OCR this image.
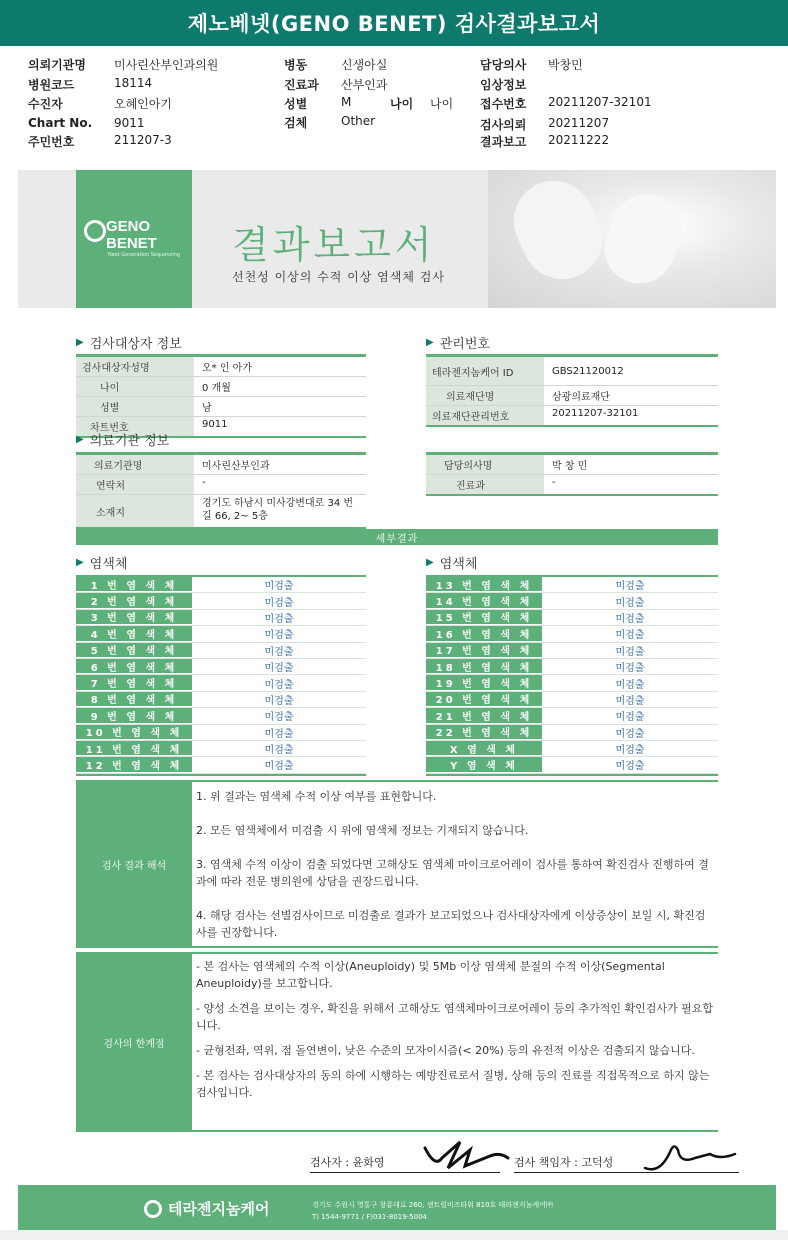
제노베넷(GENO BENET) 검사결과보고서
의뢰기관명 미사린산부인과의원
병원코드	18114
수진자	오혜인아기
Chart No. 9011
주민번호	211207-3
병동	신생아실
진료과 산부인과
성별	M	나이 나이
검체	Other
담당의사 박창민
임상정보
접수번호 20211207-32101
검사의뢰 20211207
결과보고 20211222
GENO
BENET
Next Generation Sequencing 결과보고서
선천성 이상의 수적 이상 염색체 검사
▶ 검사대상자 정보
검사대상자성명	오* 인 아가
나이	0 개월
성별	남
차트번호	9011
▶ 관리번호
테라젠지놈케어 ID	GBS21120012
의료재단명	삼광의료재단
의료재단관리번호	20211207-32101
▶ 의료기관 정보
의료기관명	미사린산부인과
연락처	-
소재지
경기도 하남시 미사강변대로 34 번길 66, 2~ 5층
담당의사명	박 창 민
진료과	-
세부결과
▶ 염색체	▶ 염색체
1 번 염 색 체	미검출
2 번 염 색 체	미검출
3 번 염 색 체	미검출
4 번 염 색 체	미검출
5 번 염 색 체	미검출
6 번 염 색 체	미검출
7 번 염 색 체	미검출
8 번 염 색 체	미검출
9 번 염 색 체	미검출
10 번 염 색 체	미검출
11 번 염 색 체	미검출
12 번 염 색 체	미검출
13 번 염 색 체	미검출
14 번 염 색 체	미검출
15 번 염 색 체	미검출
16 번 염 색 체	미검출
17 번 염 색 체	미검출
18 번 염 색 체	미검출
19 번 염 색 체	미검출
20 번 염 색 체	미검출
21 번 염 색 체	미검출
22 번 염 색 체	미검출
X 염 색 체	미검출
Y 염 색 체	미검출
검사 결과 해석

1. 위 결과는 염색체 수적 이상 여부를 표현합니다.

2. 모든 염색체에서 미검출 시 위에 염색체 정보는 기재되지 않습니다.

3. 염색체 수적 이상이 검출 되었다면 고해상도 염색체 마이크로어레이 검사를 통하여 확진검사 진행하여 결과에 따라 전문 병의원에 상담을 권장드립니다.

4. 해당 검사는 선별검사이므로 미검출로 결과가 보고되었으나 검사대상자에게 이상증상이 보일 시, 확진검사를 권장합니다.

검사의 한계점

- 본 검사는 염색체의 수적 이상(Aneuploidy) 및 5Mb 이상 염색체 분절의 수적 이상(Segmental Aneuploidy)를 보고합니다.

- 양성 소견을 보이는 경우, 확진을 위해서 고해상도 염색체마이크로어레이 등의 추가적인 확인검사가 필요합니다.

- 균형전좌, 역위, 점 돌연변이, 낮은 수준의 모자이시즘(< 20%) 등의 유전적 이상은 검출되지 않습니다.

- 본 검사는 검사대상자의 동의 하에 시행하는 예방진료로서 질병, 상해 등의 진료를 직접목적으로 하지 않는 검사입니다.

검사자 : 윤화영	검사 책임자 : 고덕성
테라젠지놈케어	경기도 수원시 영통구 창룡대로 260, 센트럴비즈타워 810호 테라젠지놈케어㈜
T) 1544-9771 / F)031-8019-5004
